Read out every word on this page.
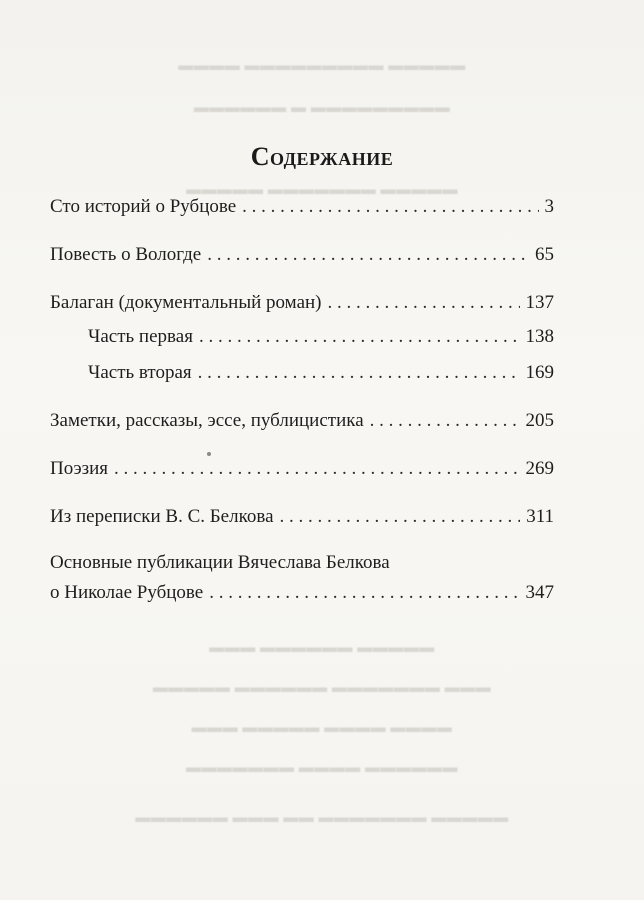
▬▬▬▬ ▬▬▬▬▬▬▬▬▬ ▬▬▬▬▬
▬▬▬▬▬▬ ▬ ▬▬▬▬▬▬▬▬▬
▬▬▬▬▬ ▬▬▬▬▬▬▬ ▬▬▬▬▬
▬▬▬ ▬▬▬▬▬▬ ▬▬▬▬▬
▬▬▬▬▬ ▬▬▬▬▬▬ ▬▬▬▬▬▬▬ ▬▬▬
▬▬▬ ▬▬▬▬▬ ▬▬▬▬ ▬▬▬▬
▬▬▬▬▬▬▬ ▬▬▬▬ ▬▬▬▬▬▬
▬▬▬▬▬▬ ▬▬▬ ▬▬ ▬▬▬▬▬▬▬ ▬▬▬▬▬
Содержание
Сто историй о Рубцове . . .	3
Повесть о Вологде . . .	65
Балаган (документальный роман) . . .	137
Часть первая . . .	138
Часть вторая . . .	169
Заметки, рассказы, эссе, публицистика . . .	205
Поэзия . . .	269
Из переписки В. С. Белкова . . .	311
Основные публикации Вячеслава Белкова
о Николае Рубцове . . .	347
